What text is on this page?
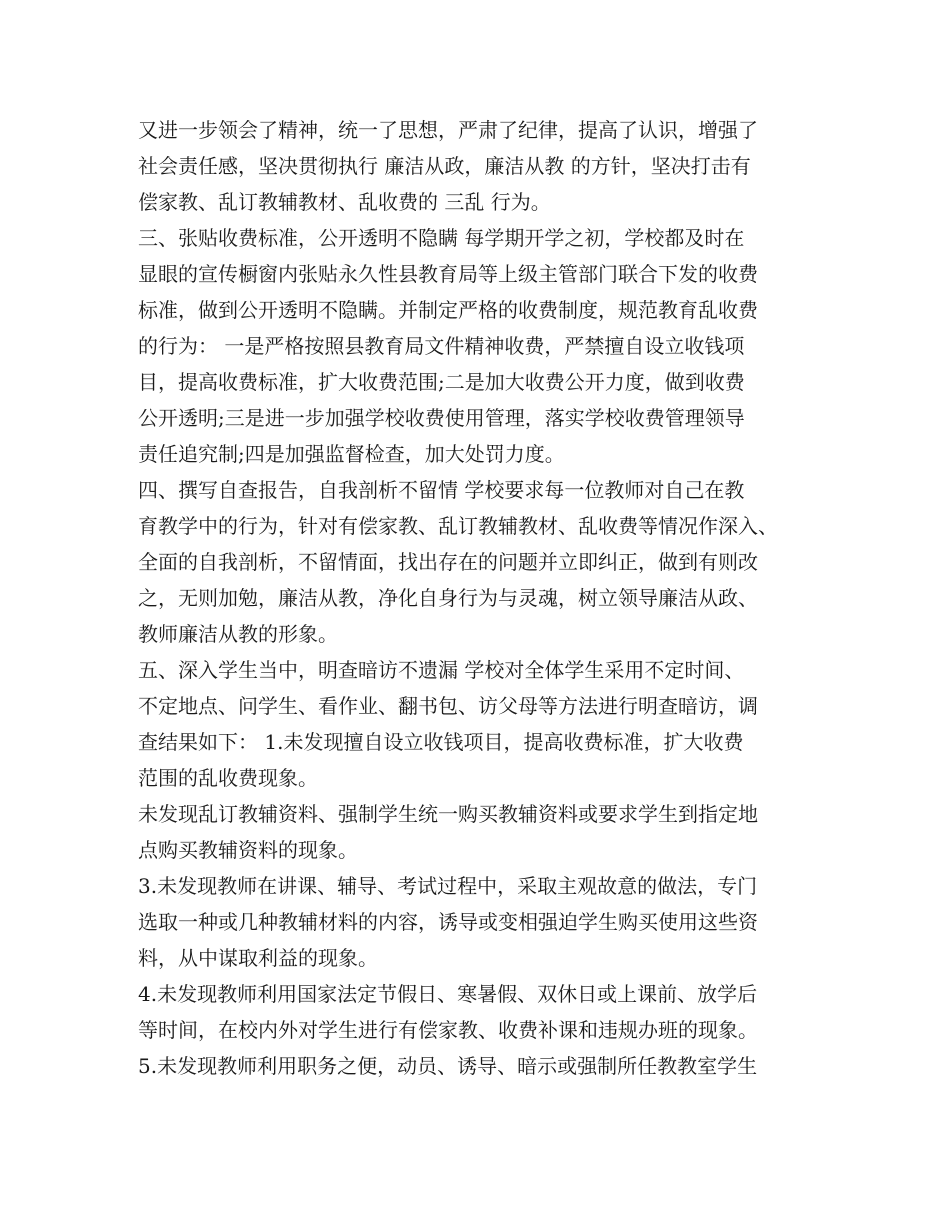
又进一步领会了精神，统一了思想，严肃了纪律，提高了认识，增强了
社会责任感，坚决贯彻执行 廉洁从政，廉洁从教 的方针，坚决打击有
偿家教、乱订教辅教材、乱收费的 三乱 行为。
三、张贴收费标准，公开透明不隐瞒 每学期开学之初，学校都及时在
显眼的宣传橱窗内张贴永久性县教育局等上级主管部门联合下发的收费
标准，做到公开透明不隐瞒。并制定严格的收费制度，规范教育乱收费
的行为： 一是严格按照县教育局文件精神收费，严禁擅自设立收钱项
目，提高收费标准，扩大收费范围;二是加大收费公开力度，做到收费
公开透明;三是进一步加强学校收费使用管理，落实学校收费管理领导
责任追究制;四是加强监督检查，加大处罚力度。
四、撰写自查报告，自我剖析不留情 学校要求每一位教师对自己在教
育教学中的行为，针对有偿家教、乱订教辅教材、乱收费等情况作深入、
全面的自我剖析，不留情面，找出存在的问题并立即纠正，做到有则改
之，无则加勉，廉洁从教，净化自身行为与灵魂，树立领导廉洁从政、
教师廉洁从教的形象。
五、深入学生当中，明查暗访不遗漏 学校对全体学生采用不定时间、
不定地点、问学生、看作业、翻书包、访父母等方法进行明查暗访，调
查结果如下： 1.未发现擅自设立收钱项目，提高收费标准，扩大收费
范围的乱收费现象。
未发现乱订教辅资料、强制学生统一购买教辅资料或要求学生到指定地
点购买教辅资料的现象。
3.未发现教师在讲课、辅导、考试过程中，采取主观故意的做法，专门
选取一种或几种教辅材料的内容，诱导或变相强迫学生购买使用这些资
料，从中谋取利益的现象。
4.未发现教师利用国家法定节假日、寒暑假、双休日或上课前、放学后
等时间，在校内外对学生进行有偿家教、收费补课和违规办班的现象。
5.未发现教师利用职务之便，动员、诱导、暗示或强制所任教教室学生
